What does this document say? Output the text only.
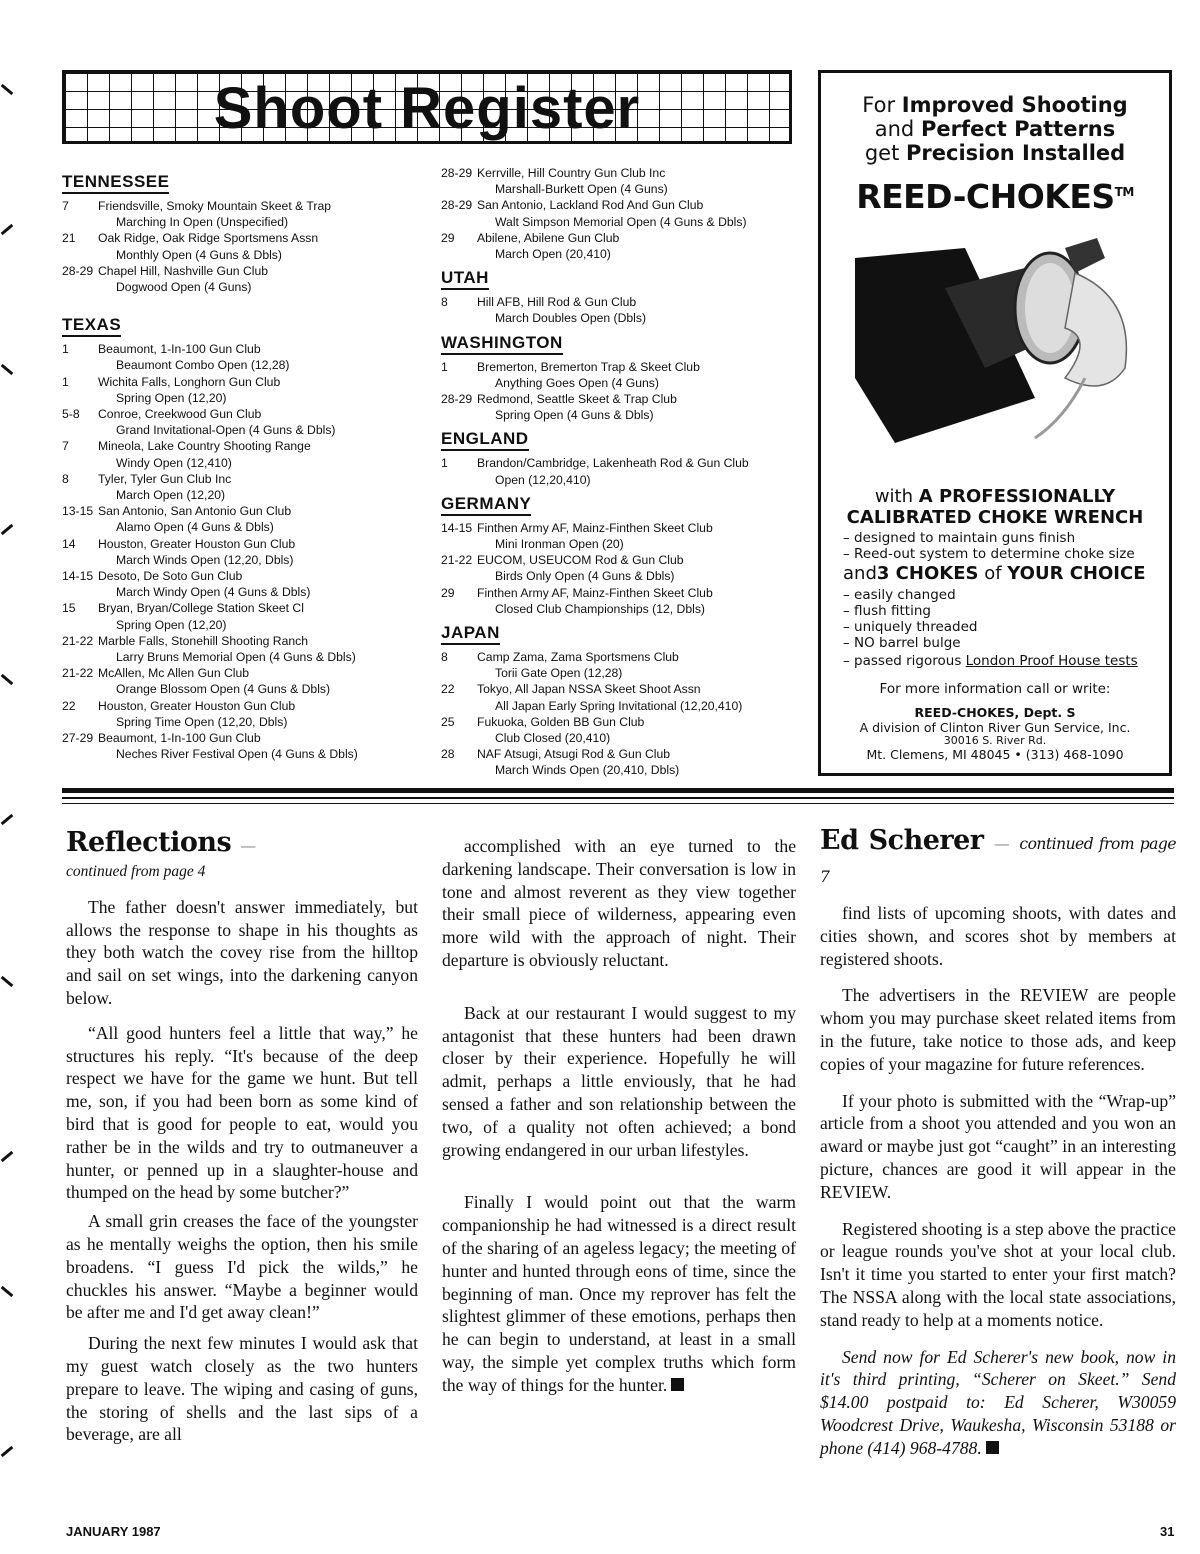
Shoot Register
TENNESSEE
7 Friendsville, Smoky Mountain Skeet & Trap
Marching In Open (Unspecified)
21 Oak Ridge, Oak Ridge Sportsmens Assn
Monthly Open (4 Guns & Dbls)
28-29 Chapel Hill, Nashville Gun Club
Dogwood Open (4 Guns)
TEXAS
1 Beaumont, 1-In-100 Gun Club
Beaumont Combo Open (12,28)
1 Wichita Falls, Longhorn Gun Club
Spring Open (12,20)
5-8 Conroe, Creekwood Gun Club
Grand Invitational-Open (4 Guns & Dbls)
7 Mineola, Lake Country Shooting Range
Windy Open (12,410)
8 Tyler, Tyler Gun Club Inc
March Open (12,20)
13-15 San Antonio, San Antonio Gun Club
Alamo Open (4 Guns & Dbls)
14 Houston, Greater Houston Gun Club
March Winds Open (12,20, Dbls)
14-15 Desoto, De Soto Gun Club
March Windy Open (4 Guns & Dbls)
15 Bryan, Bryan/College Station Skeet Cl
Spring Open (12,20)
21-22 Marble Falls, Stonehill Shooting Ranch
Larry Bruns Memorial Open (4 Guns & Dbls)
21-22 McAllen, Mc Allen Gun Club
Orange Blossom Open (4 Guns & Dbls)
22 Houston, Greater Houston Gun Club
Spring Time Open (12,20, Dbls)
27-29 Beaumont, 1-In-100 Gun Club
Neches River Festival Open (4 Guns & Dbls)
28-29 Kerrville, Hill Country Gun Club Inc
Marshall-Burkett Open (4 Guns)
28-29 San Antonio, Lackland Rod And Gun Club
Walt Simpson Memorial Open (4 Guns & Dbls)
29 Abilene, Abilene Gun Club
March Open (20,410)
UTAH
8 Hill AFB, Hill Rod & Gun Club
March Doubles Open (Dbls)
WASHINGTON
1 Bremerton, Bremerton Trap & Skeet Club
Anything Goes Open (4 Guns)
28-29 Redmond, Seattle Skeet & Trap Club
Spring Open (4 Guns & Dbls)
ENGLAND
1 Brandon/Cambridge, Lakenheath Rod & Gun Club
Open (12,20,410)
GERMANY
14-15 Finthen Army AF, Mainz-Finthen Skeet Club
Mini Ironman Open (20)
21-22 EUCOM, USEUCOM Rod & Gun Club
Birds Only Open (4 Guns & Dbls)
29 Finthen Army AF, Mainz-Finthen Skeet Club
Closed Club Championships (12, Dbls)
JAPAN
8 Camp Zama, Zama Sportsmens Club
Torii Gate Open (12,28)
22 Tokyo, All Japan NSSA Skeet Shoot Assn
All Japan Early Spring Invitational (12,20,410)
25 Fukuoka, Golden BB Gun Club
Club Closed (20,410)
28 NAF Atsugi, Atsugi Rod & Gun Club
March Winds Open (20,410, Dbls)
For Improved Shooting
and Perfect Patterns
get Precision Installed
REED-CHOKES™
with A PROFESSIONALLY
CALIBRATED CHOKE WRENCH
– designed to maintain guns finish
– Reed-out system to determine choke size
and3 CHOKES of YOUR CHOICE
– easily changed
– flush fitting
– uniquely threaded
– NO barrel bulge
– passed rigorous London Proof House tests
For more information call or write:
REED-CHOKES, Dept. S
A division of Clinton River Gun Service, Inc.
30016 S. River Rd.
Mt. Clemens, MI 48045 • (313) 468-1090
Reflections —
continued from page 4

The father doesn't answer immediately, but allows the response to shape in his thoughts as they both watch the covey rise from the hilltop and sail on set wings, into the darkening canyon below.

“All good hunters feel a little that way,” he structures his reply. “It's because of the deep respect we have for the game we hunt. But tell me, son, if you had been born as some kind of bird that is good for people to eat, would you rather be in the wilds and try to outmaneuver a hunter, or penned up in a slaughter-house and thumped on the head by some butcher?”

A small grin creases the face of the youngster as he mentally weighs the option, then his smile broadens. “I guess I'd pick the wilds,” he chuckles his answer. “Maybe a beginner would be after me and I'd get away clean!”

During the next few minutes I would ask that my guest watch closely as the two hunters prepare to leave. The wiping and casing of guns, the storing of shells and the last sips of a beverage, are all

accomplished with an eye turned to the darkening landscape. Their conversation is low in tone and almost reverent as they view together their small piece of wilderness, appearing even more wild with the approach of night. Their departure is obviously reluctant.

Back at our restaurant I would suggest to my antagonist that these hunters had been drawn closer by their experience. Hopefully he will admit, perhaps a little enviously, that he had sensed a father and son relationship between the two, of a quality not often achieved; a bond growing endangered in our urban lifestyles.

Finally I would point out that the warm companionship he had witnessed is a direct result of the sharing of an ageless legacy; the meeting of hunter and hunted through eons of time, since the beginning of man. Once my reprover has felt the slightest glimmer of these emotions, perhaps then he can begin to understand, at least in a small way, the simple yet complex truths which form the way of things for the hunter.

Ed Scherer — continued from page 7

find lists of upcoming shoots, with dates and cities shown, and scores shot by members at registered shoots.

The advertisers in the REVIEW are people whom you may purchase skeet related items from in the future, take notice to those ads, and keep copies of your magazine for future references.

If your photo is submitted with the “Wrap-up” article from a shoot you attended and you won an award or maybe just got “caught” in an interesting picture, chances are good it will appear in the REVIEW.

Registered shooting is a step above the practice or league rounds you've shot at your local club. Isn't it time you started to enter your first match? The NSSA along with the local state associations, stand ready to help at a moments notice.

Send now for Ed Scherer's new book, now in it's third printing, “Scherer on Skeet.” Send $14.00 postpaid to: Ed Scherer, W30059 Woodcrest Drive, Waukesha, Wisconsin 53188 or phone (414) 968-4788.

JANUARY 1987	31
